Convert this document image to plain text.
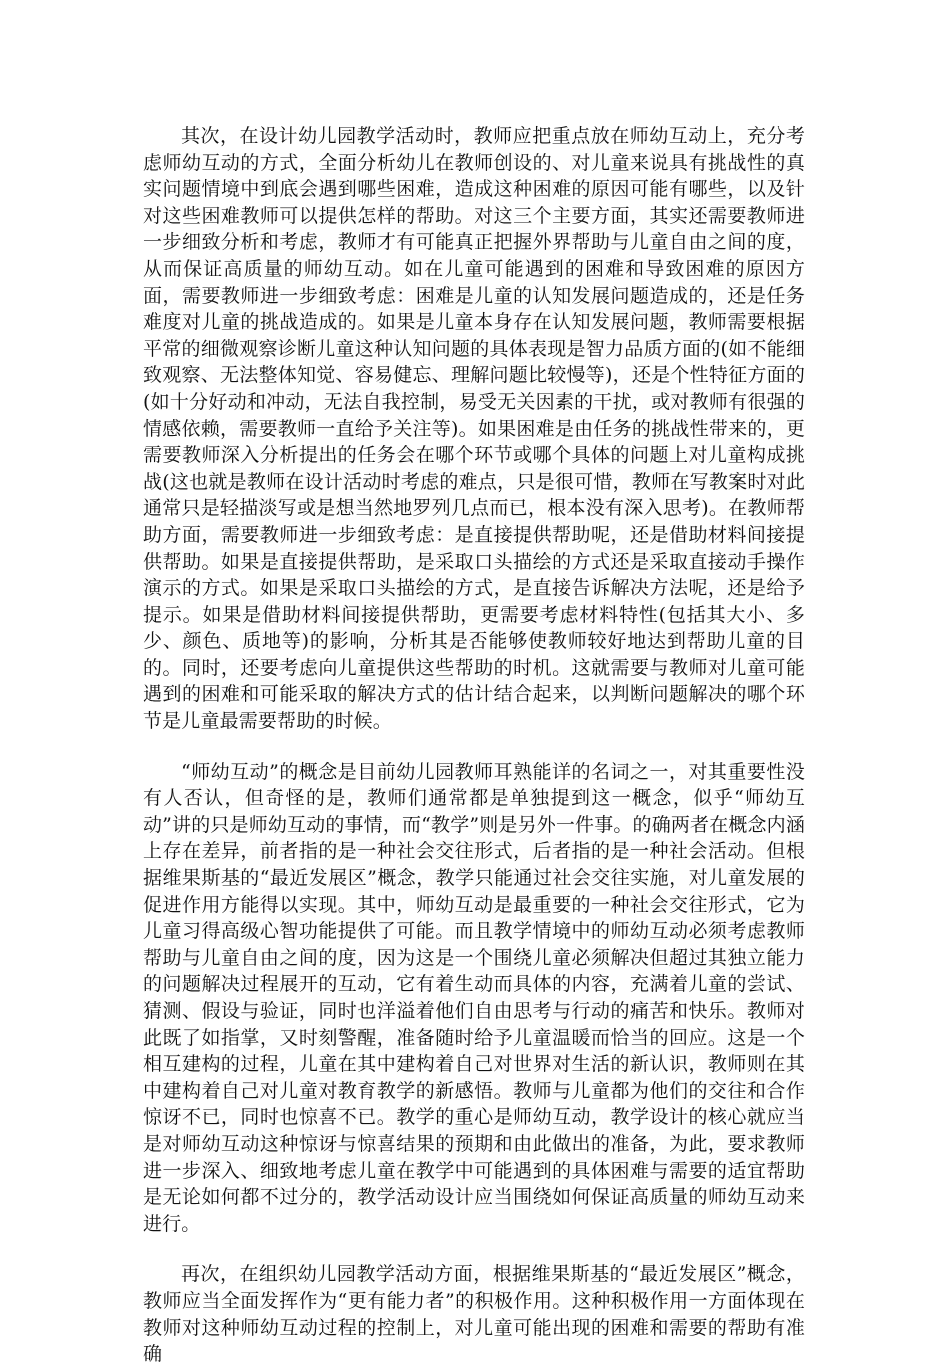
其次，在设计幼儿园教学活动时，教师应把重点放在师幼互动上，充分考虑师幼互动的方式，全面分析幼儿在教师创设的、对儿童来说具有挑战性的真实问题情境中到底会遇到哪些困难，造成这种困难的原因可能有哪些，以及针对这些困难教师可以提供怎样的帮助。对这三个主要方面，其实还需要教师进一步细致分析和考虑，教师才有可能真正把握外界帮助与儿童自由之间的度，从而保证高质量的师幼互动。如在儿童可能遇到的困难和导致困难的原因方面，需要教师进一步细致考虑：困难是儿童的认知发展问题造成的，还是任务难度对儿童的挑战造成的。如果是儿童本身存在认知发展问题，教师需要根据平常的细微观察诊断儿童这种认知问题的具体表现是智力品质方面的(如不能细致观察、无法整体知觉、容易健忘、理解问题比较慢等)，还是个性特征方面的(如十分好动和冲动，无法自我控制，易受无关因素的干扰，或对教师有很强的情感依赖，需要教师一直给予关注等)。如果困难是由任务的挑战性带来的，更需要教师深入分析提出的任务会在哪个环节或哪个具体的问题上对儿童构成挑战(这也就是教师在设计活动时考虑的难点，只是很可惜，教师在写教案时对此通常只是轻描淡写或是想当然地罗列几点而已，根本没有深入思考)。在教师帮助方面，需要教师进一步细致考虑：是直接提供帮助呢，还是借助材料间接提供帮助。如果是直接提供帮助，是采取口头描绘的方式还是采取直接动手操作演示的方式。如果是采取口头描绘的方式，是直接告诉解决方法呢，还是给予提示。如果是借助材料间接提供帮助，更需要考虑材料特性(包括其大小、多少、颜色、质地等)的影响，分析其是否能够使教师较好地达到帮助儿童的目的。同时，还要考虑向儿童提供这些帮助的时机。这就需要与教师对儿童可能遇到的困难和可能采取的解决方式的估计结合起来，以判断问题解决的哪个环节是儿童最需要帮助的时候。

“师幼互动”的概念是目前幼儿园教师耳熟能详的名词之一，对其重要性没有人否认，但奇怪的是，教师们通常都是单独提到这一概念，似乎“师幼互动”讲的只是师幼互动的事情，而“教学”则是另外一件事。的确两者在概念内涵上存在差异，前者指的是一种社会交往形式，后者指的是一种社会活动。但根据维果斯基的“最近发展区”概念，教学只能通过社会交往实施，对儿童发展的促进作用方能得以实现。其中，师幼互动是最重要的一种社会交往形式，它为儿童习得高级心智功能提供了可能。而且教学情境中的师幼互动必须考虑教师帮助与儿童自由之间的度，因为这是一个围绕儿童必须解决但超过其独立能力的问题解决过程展开的互动，它有着生动而具体的内容，充满着儿童的尝试、猜测、假设与验证，同时也洋溢着他们自由思考与行动的痛苦和快乐。教师对此既了如指掌，又时刻警醒，准备随时给予儿童温暖而恰当的回应。这是一个相互建构的过程，儿童在其中建构着自己对世界对生活的新认识，教师则在其中建构着自己对儿童对教育教学的新感悟。教师与儿童都为他们的交往和合作惊讶不已，同时也惊喜不已。教学的重心是师幼互动，教学设计的核心就应当是对师幼互动这种惊讶与惊喜结果的预期和由此做出的准备，为此，要求教师进一步深入、细致地考虑儿童在教学中可能遇到的具体困难与需要的适宜帮助是无论如何都不过分的，教学活动设计应当围绕如何保证高质量的师幼互动来进行。

再次，在组织幼儿园教学活动方面，根据维果斯基的“最近发展区”概念，教师应当全面发挥作为“更有能力者”的积极作用。这种积极作用一方面体现在教师对这种师幼互动过程的控制上，对儿童可能出现的困难和需要的帮助有准确
